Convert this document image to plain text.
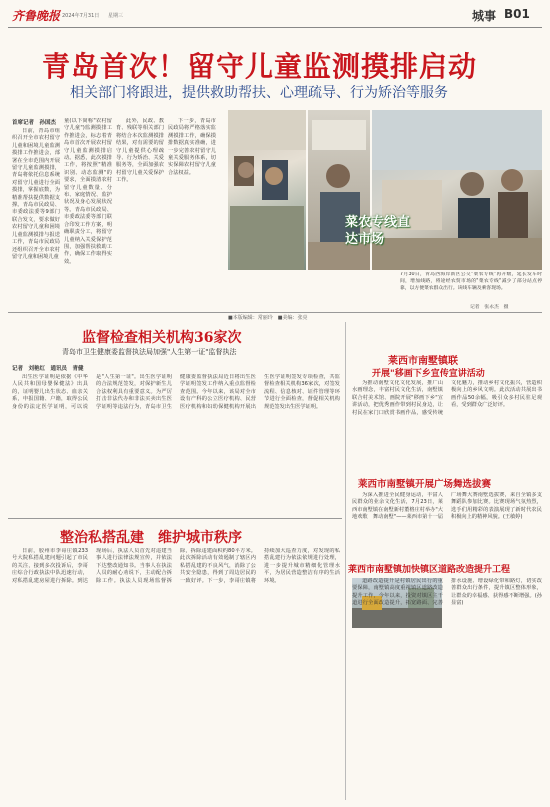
齐鲁晚报 2024年7月31日 星期三	城事 B01
青岛首次！留守儿童监测摸排启动
相关部门将跟进，提供救助帮扶、心理疏导、行为矫治等服务
首席记者　孙国杰
日前，青岛市组织召开全市农村留守儿童和困境儿童监测摸排工作推进会，部署在全市范围内开展留守儿童监测摸排，青岛将依托信息系统对留守儿童进行全面摸排，掌握底数，为精准帮扶提供数据支撑。青岛市民政局、市委政法委等9部门联合发文，要求做好农村留守儿童和困境儿童监测摸排与报送工作，青岛市民政局还组织召开全市农村留守儿童和困境儿童
童(以下简称"农村留守儿童")监测摸排工作推进会，标志着青岛市首次开展农村留守儿童监测摸排启动。据悉，此次摸排工作，将按照"精准识别、动态监测"的要求，全面摸清农村留守儿童数量、分布、家庭情况、监护状况及身心发展状况等。青岛市民政局、市委政法委等部门联合印发工作方案，明确职责分工，将留守儿童纳入关爱保护范围，加强帮扶救助工作，确保工作取得实效。
此外，民政、教育、残联等相关部门将结合本次监测摸排结果，对有需要的留守儿童提供心理疏导、行为矫治、关爱服务等，全面加强农村留守儿童关爱保护工作。
下一步，青岛市民政局将严格落实监测摸排工作，确保摸排数据真实准确，进一步完善农村留守儿童关爱服务体系，切实保障农村留守儿童合法权益。
菜农专线直达市场
7月30日，青岛西海岸新区公交"菜农专线"再升级，延长发车时间，增加线路，将途经农贸市场的"菜农专线"减少了部分站点停靠，以方便菜农群众出行。该线车辆及乘客现场。
记者　张永杰　摄
■本版编辑：常丽玲　■美编：张亮
监督检查相关机构36家次
青岛市卫生健康委监督执法局加强"人生第一证"监督执法
记者　刘艳红　通讯员　青健
出生医学证明是依据《中华人民共和国母婴保健法》出具的，证明婴儿出生状态、血亲关系，申报国籍、户籍，取得公民身份的法定医学证明，可以说是"人生第一证"。出生医学证明的合法规范签发，对保护新生儿合法权利具有重要意义。为严厉打击非法代办和非法买卖出生医学证明等违法行为，青岛市卫生健康委监督执法局近日将出生医学证明签发工作纳入重点监督检查范围。今年以来，该局对全市设有产科的公立医疗机构、民营医疗机构和妇幼保健机构开展出生医学证明签发专项检查，共监督检查相关机构36家次，对签发流程、信息核对、证件管理等环节进行全面检查，督促相关机构规范签发出生医学证明。
整治私搭乱建　维护城市秩序
日前，胶州市李哥庄镇233号大院私搭乱建问题引起了市民的关注，接到多次投诉后，李哥庄综合行政执法中队迅速行动，对私搭乱建房屋进行拆除。到达现场后，执法人员首先对违建当事人进行法律法规宣传，并依法下达整改通知书。当事人在执法人员的耐心劝说下，主动配合拆除工作。执法人员现场监督拆除，拆除违建面积约80平方米。此次拆除活动有效遏制了辖区内私搭乱建的不良风气，消除了公共安全隐患，得到了周边居民的一致好评。下一步，李哥庄镇将持续加大巡查力度，对发现的私搭乱建行为依法依规进行处理，进一步提升城市精细化管理水平，为居民营造整洁有序的生活环境。
莱西市南墅镇联
开展"移画下乡宣传宣讲活动
为推动南墅文化文化发展，推广山水画理念，丰富村民文化生活，南墅镇联合村美术馆、画院开展"移画下乡"宣讲活动，把优秀画作带到村民身边，让村民在家门口欣赏书画作品，感受传统文化魅力，推动乡村文化振兴，营造积极向上的乡风文明。此次活动共展出书画作品50余幅，吸引众多村民驻足观看，受到群众广泛好评。
莱西市南墅镇开展广场舞选拔赛
为深入推进全民健身运动，丰富人民群众的业余文化生活，7月23日，莱西市南墅镇在南墅新村董格庄村举办"大地欢歌　舞动南墅"——莱西市第十一届广场舞大赛南墅选拔赛，来自全镇多支舞蹈队参加比赛。比赛现场气氛热烈，选手们用精彩的表演展现了新时代农民积极向上的精神风貌。(王敏婷)
莱西市南墅镇加快镇区道路改造提升工程
道路改造提升是村镇居民出行的重要保障，南墅镇高度重视镇区道路改造提升工作，今年以来，投资对镇区主干道进行全面改造提升，拓宽路面、完善排水设施、增设绿化带和路灯，切实改善群众出行条件，提升镇区整体形象，让群众的幸福感、获得感不断增强。(孙显富)
